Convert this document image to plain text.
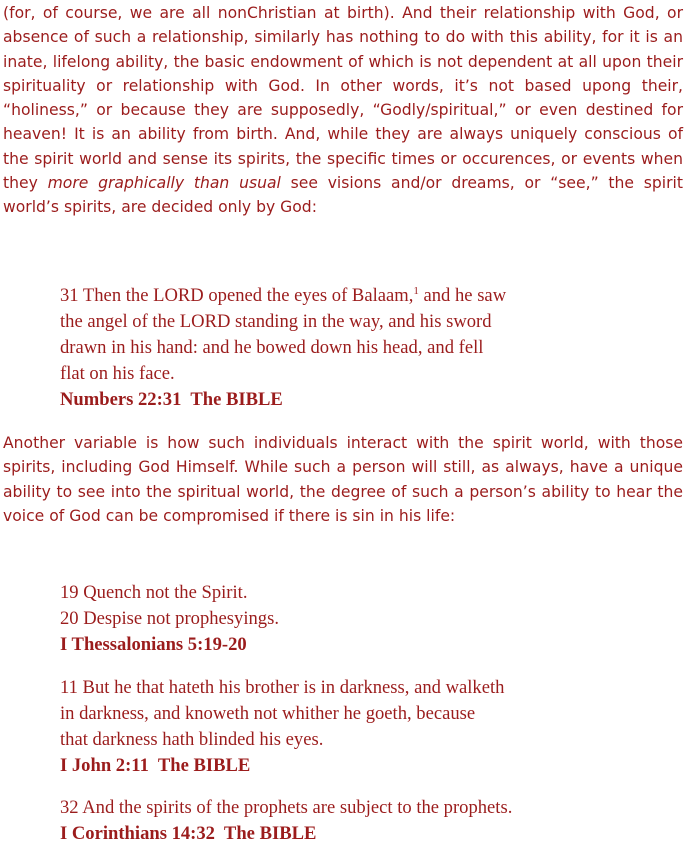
(for, of course, we are all nonChristian at birth). And their relationship with God, or absence of such a relationship, similarly has nothing to do with this ability, for it is an inate, lifelong ability, the basic endowment of which is not dependent at all upon their spirituality or relationship with God. In other words, it’s not based upong their, “holiness,” or because they are supposedly, “Godly/spiritual,” or even destined for heaven! It is an ability from birth. And, while they are always uniquely conscious of the spirit world and sense its spirits, the specific times or occurences, or events when they more graphically than usual see visions and/or dreams, or “see,” the spirit world’s spirits, are decided only by God:

31 Then the LORD opened the eyes of Balaam,$^1$ and he saw
the angel of the LORD standing in the way, and his sword
drawn in his hand: and he bowed down his head, and fell
flat on his face.
Numbers 22:31  The BIBLE

Another variable is how such individuals interact with the spirit world, with those spirits, including God Himself. While such a person will still, as always, have a unique ability to see into the spiritual world, the degree of such a person’s ability to hear the voice of God can be compromised if there is sin in his life:

19 Quench not the Spirit.
20 Despise not prophesyings.
I Thessalonians 5:19-20
11 But he that hateth his brother is in darkness, and walketh
in darkness, and knoweth not whither he goeth, because
that darkness hath blinded his eyes.
I John 2:11  The BIBLE
32 And the spirits of the prophets are subject to the prophets.
I Corinthians 14:32  The BIBLE
